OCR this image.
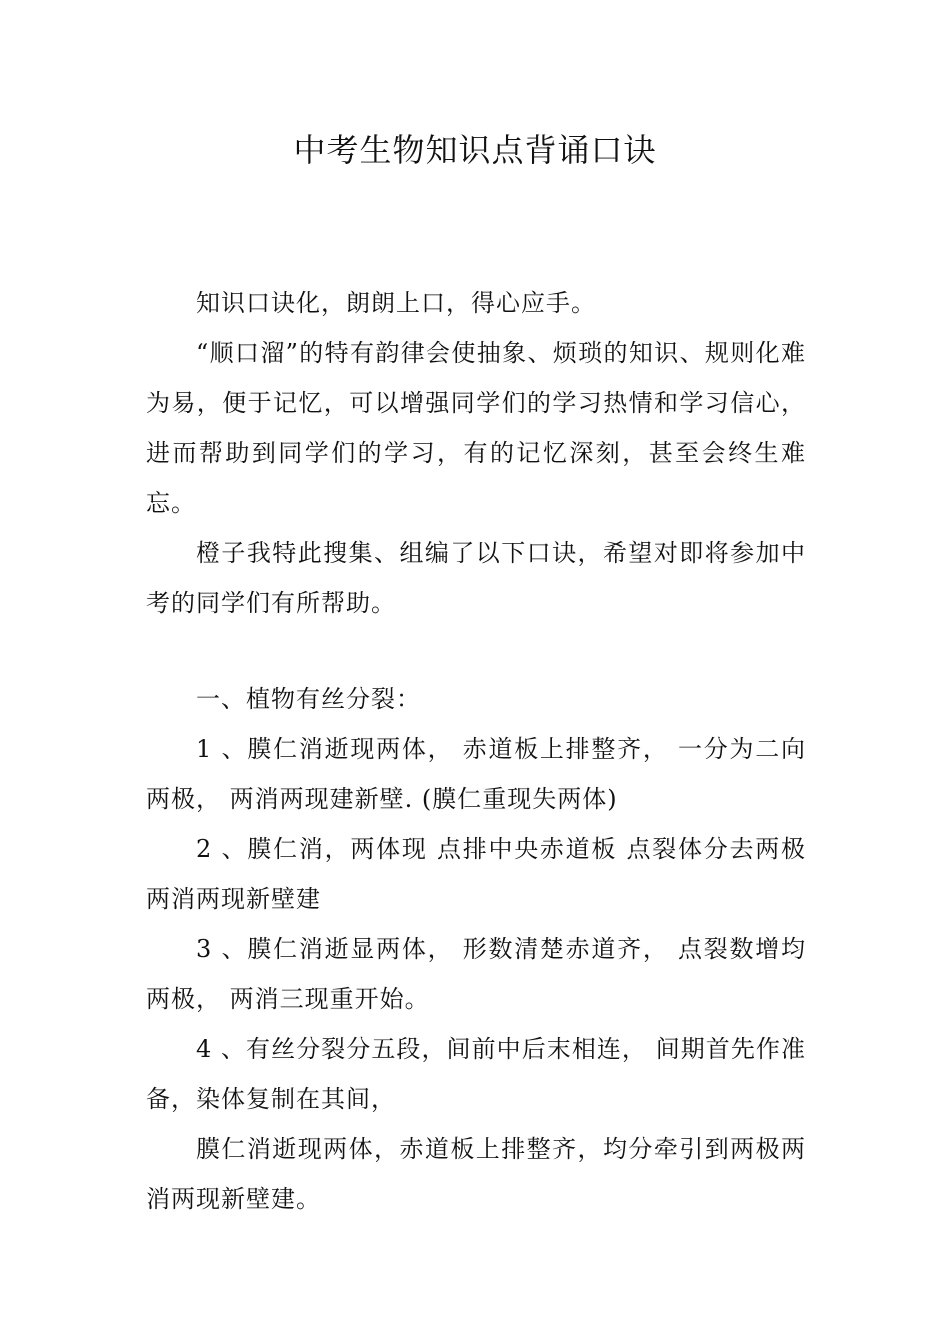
中考生物知识点背诵口诀

知识口诀化，朗朗上口，得心应手。

“顺口溜”的特有韵律会使抽象、烦琐的知识、规则化难为易，便于记忆，可以增强同学们的学习热情和学习信心，进而帮助到同学们的学习，有的记忆深刻，甚至会终生难忘。

橙子我特此搜集、组编了以下口诀，希望对即将参加中考的同学们有所帮助。

一、植物有丝分裂：

1 、膜仁消逝现两体， 赤道板上排整齐， 一分为二向两极， 两消两现建新壁. (膜仁重现失两体)

2 、膜仁消，两体现 点排中央赤道板 点裂体分去两极 两消两现新壁建

3 、膜仁消逝显两体， 形数清楚赤道齐， 点裂数增均两极， 两消三现重开始。

4 、有丝分裂分五段，间前中后末相连， 间期首先作准备，染体复制在其间，

膜仁消逝现两体，赤道板上排整齐，均分牵引到两极两消两现新壁建。
